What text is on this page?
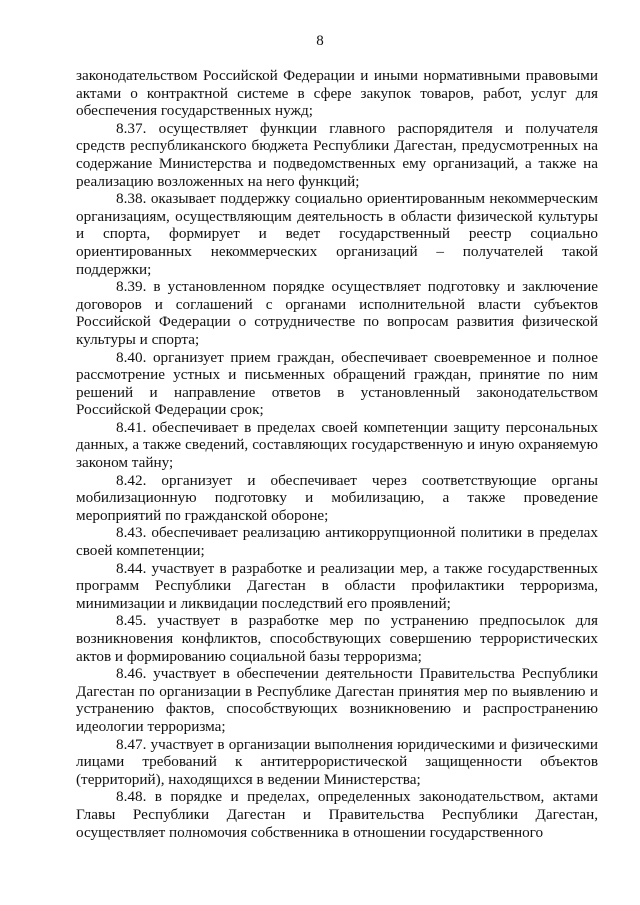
8

законодательством Российской Федерации и иными нормативными правовыми актами о контрактной системе в сфере закупок товаров, работ, услуг для обеспечения государственных нужд;

8.37. осуществляет функции главного распорядителя и получателя средств республиканского бюджета Республики Дагестан, предусмотренных на содержание Министерства и подведомственных ему организаций, а также на реализацию возложенных на него функций;

8.38. оказывает поддержку социально ориентированным некоммерческим организациям, осуществляющим деятельность в области физической культуры и спорта, формирует и ведет государственный реестр социально ориентированных некоммерческих организаций – получателей такой поддержки;

8.39. в установленном порядке осуществляет подготовку и заключение договоров и соглашений с органами исполнительной власти субъектов Российской Федерации о сотрудничестве по вопросам развития физической культуры и спорта;

8.40. организует прием граждан, обеспечивает своевременное и полное рассмотрение устных и письменных обращений граждан, принятие по ним решений и направление ответов в установленный законодательством Российской Федерации срок;

8.41. обеспечивает в пределах своей компетенции защиту персональных данных, а также сведений, составляющих государственную и иную охраняемую законом тайну;

8.42. организует и обеспечивает через соответствующие органы мобилизационную подготовку и мобилизацию, а также проведение мероприятий по гражданской обороне;

8.43. обеспечивает реализацию антикоррупционной политики в пределах своей компетенции;

8.44. участвует в разработке и реализации мер, а также государственных программ Республики Дагестан в области профилактики терроризма, минимизации и ликвидации последствий его проявлений;

8.45. участвует в разработке мер по устранению предпосылок для возникновения конфликтов, способствующих совершению террористических актов и формированию социальной базы терроризма;

8.46. участвует в обеспечении деятельности Правительства Республики Дагестан по организации в Республике Дагестан принятия мер по выявлению и устранению фактов, способствующих возникновению и распространению идеологии терроризма;

8.47. участвует в организации выполнения юридическими и физическими лицами требований к антитеррористической защищенности объектов (территорий), находящихся в ведении Министерства;

8.48. в порядке и пределах, определенных законодательством, актами Главы Республики Дагестан и Правительства Республики Дагестан, осуществляет полномочия собственника в отношении государственного
